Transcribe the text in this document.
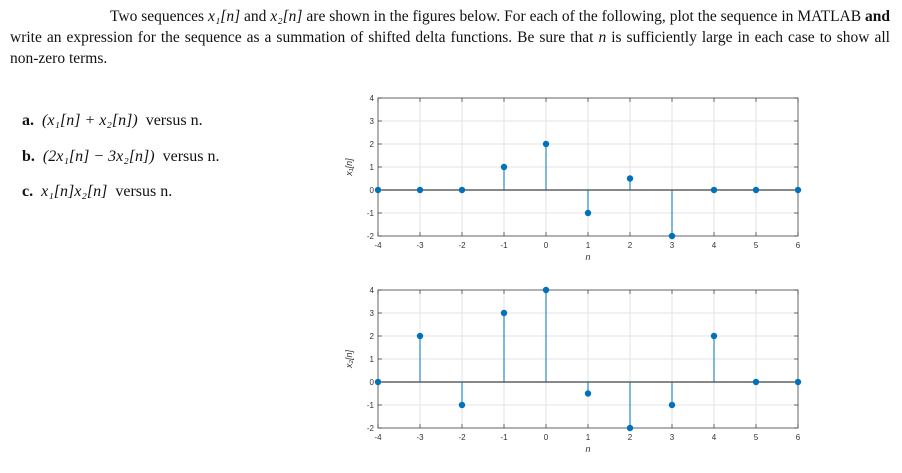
Two sequences x₁[n] and x₂[n] are shown in the figures below. For each of the following, plot the sequence in MATLAB and write an expression for the sequence as a summation of shifted delta functions. Be sure that n is sufficiently large in each case to show all non-zero terms.
a. (x₁[n] + x₂[n]) versus n.
b. (2x₁[n] − 3x₂[n]) versus n.
c. x₁[n]x₂[n] versus n.
-4	-3	-2	-1	0	1	2	3	4	5	6
-2
-1
0
1
2
3
4
n
x₁[n]
-4	-3	-2	-1	0	1	2	3	4	5	6
-2
-1
0
1
2
3
4
n
x₂[n]
